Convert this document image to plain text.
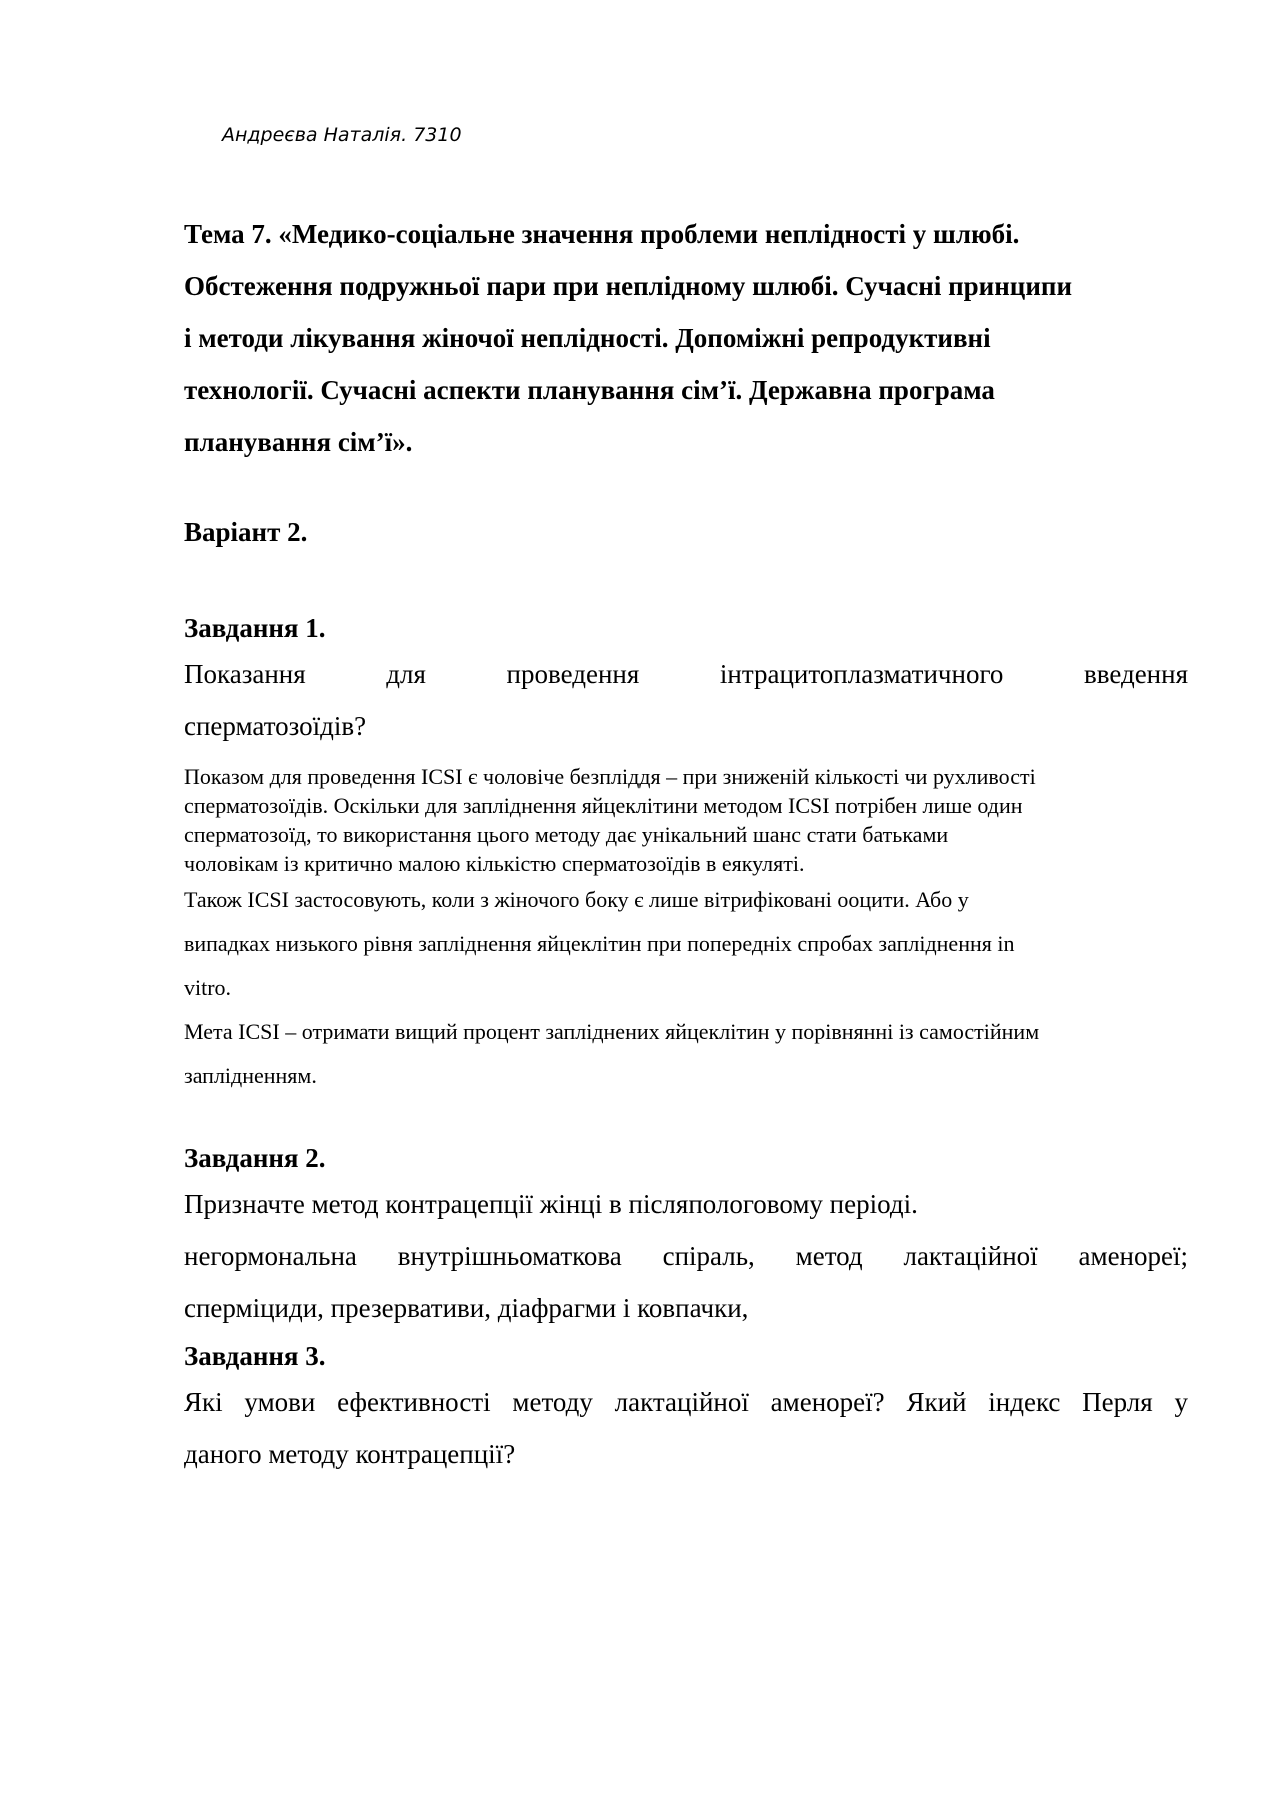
Андреєва Наталія. 7310

Тема 7. «Медико-соціальне значення проблеми неплідності у шлюбі.
Обстеження подружньої пари при неплідному шлюбі. Сучасні принципи
і методи лікування жіночої неплідності. Допоміжні репродуктивні
технології. Сучасні аспекти планування сім’ї. Державна програма
планування сім’ї».

Варіант 2.

Завдання 1.

Показання для проведення інтрацитоплазматичного введення
сперматозоїдів?

Показом для проведення ICSI є чоловіче безпліддя – при зниженій кількості чи рухливості
сперматозоїдів. Оскільки для запліднення яйцеклітини методом ICSI потрібен лише один
сперматозоїд, то використання цього методу дає унікальний шанс стати батьками
чоловікам із критично малою кількістю сперматозоїдів в еякуляті.

Також ICSI застосовують, коли з жіночого боку є лише вітрифіковані ооцити. Або у
випадках низького рівня запліднення яйцеклітин при попередніх спробах запліднення in
vitro.
Мета ICSI – отримати вищий процент запліднених яйцеклітин у порівнянні із самостійним
заплідненням.

Завдання 2.

Призначте метод контрацепції жінці в післяпологовому періоді.

негормональна внутрішньоматкова спіраль, метод лактаційної аменореї;
сперміциди, презервативи, діафрагми і ковпачки,

Завдання 3.

Які умови ефективності методу лактаційної аменореї? Який індекс Перля у
даного методу контрацепції?
